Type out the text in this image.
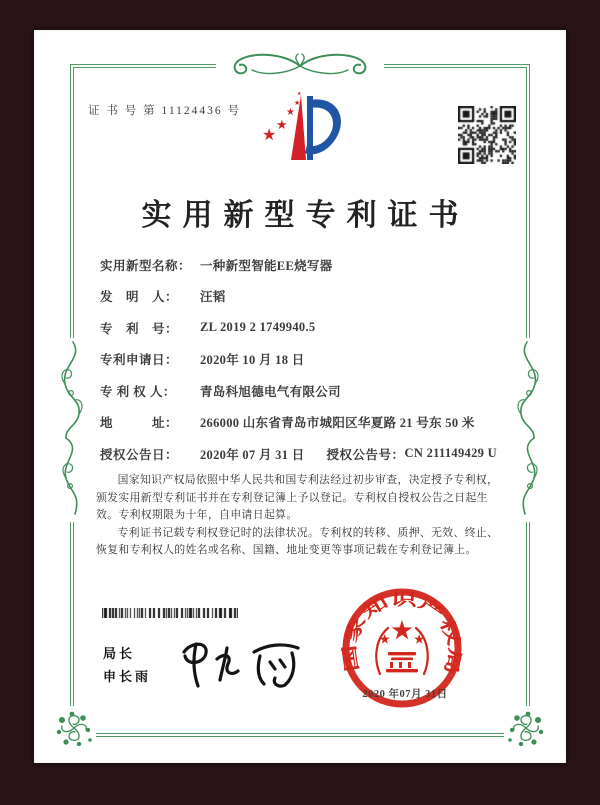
证 书 号 第 11124436 号
★
★
★
★
★
实用新型专利证书
实用新型名称： 一种新型智能EE烧写器
发　明　人：	汪韬
专　利　号：	ZL 2019 2 1749940.5
专利申请日：	2020年 10 月 18 日
专 利 权 人：	青岛科旭德电气有限公司
地　　　址：	266000 山东省青岛市城阳区华夏路 21 号东 50 米
授权公告日：	2020年 07 月 31 日 授权公告号： CN 211149429 U

国家知识产权局依照中华人民共和国专利法经过初步审查，决定授予专利权，颁发实用新型专利证书并在专利登记簿上予以登记。专利权自授权公告之日起生效。专利权期限为十年，自申请日起算。

专利证书记载专利权登记时的法律状况。专利权的转移、质押、无效、终止、恢复和专利权人的姓名或名称、国籍、地址变更等事项记载在专利登记簿上。

局长
申长雨
国家知识产权局
2020 年07月 31日
